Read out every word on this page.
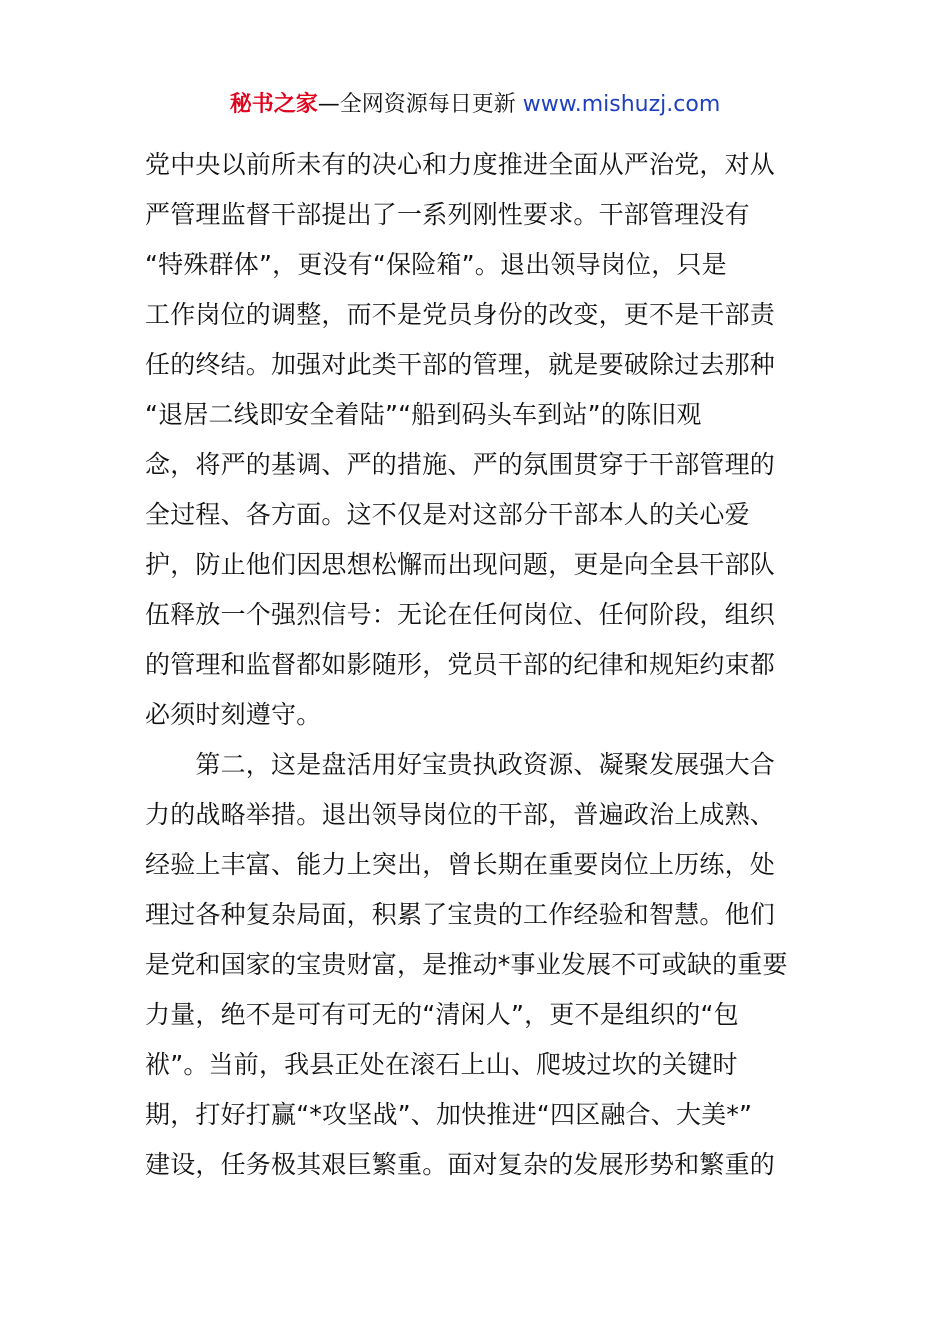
秘书之家—全网资源每日更新 www.mishuzj.com
党中央以前所未有的决心和力度推进全面从严治党，对从
严管理监督干部提出了一系列刚性要求。干部管理没有
“特殊群体”，更没有“保险箱”。退出领导岗位，只是
工作岗位的调整，而不是党员身份的改变，更不是干部责
任的终结。加强对此类干部的管理，就是要破除过去那种
“退居二线即安全着陆”“船到码头车到站”的陈旧观
念，将严的基调、严的措施、严的氛围贯穿于干部管理的
全过程、各方面。这不仅是对这部分干部本人的关心爱
护，防止他们因思想松懈而出现问题，更是向全县干部队
伍释放一个强烈信号：无论在任何岗位、任何阶段，组织
的管理和监督都如影随形，党员干部的纪律和规矩约束都
必须时刻遵守。
　　第二，这是盘活用好宝贵执政资源、凝聚发展强大合
力的战略举措。退出领导岗位的干部，普遍政治上成熟、
经验上丰富、能力上突出，曾长期在重要岗位上历练，处
理过各种复杂局面，积累了宝贵的工作经验和智慧。他们
是党和国家的宝贵财富，是推动*事业发展不可或缺的重要
力量，绝不是可有可无的“清闲人”，更不是组织的“包
袱”。当前，我县正处在滚石上山、爬坡过坎的关键时
期，打好打赢“*攻坚战”、加快推进“四区融合、大美*”
建设，任务极其艰巨繁重。面对复杂的发展形势和繁重的
